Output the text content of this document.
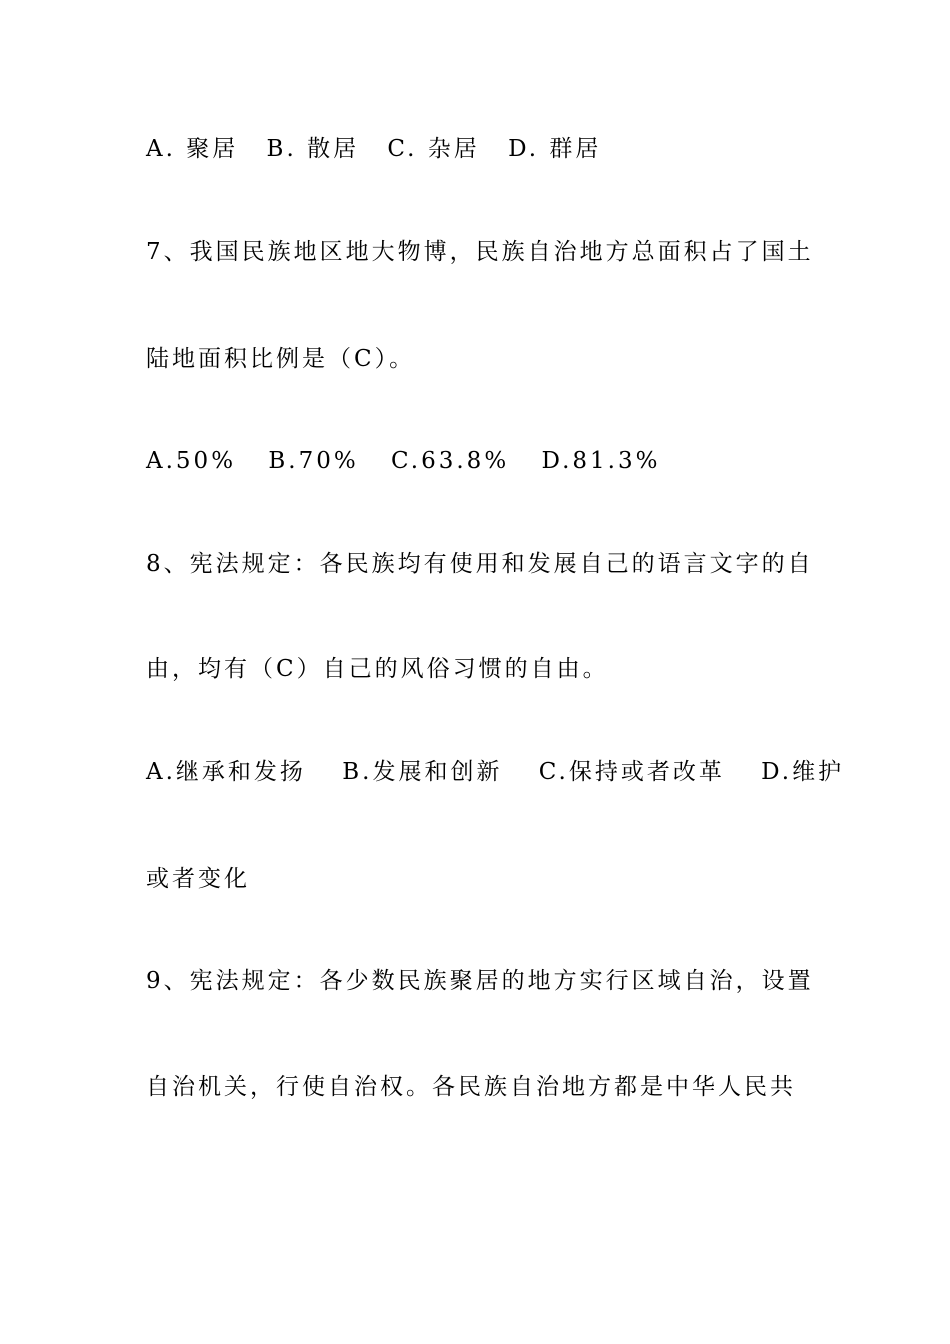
A. 聚居 B. 散居 C. 杂居 D. 群居
7、我国民族地区地大物博，民族自治地方总面积占了国土
陆地面积比例是（C）。
A.50% B.70% C.63.8% D.81.3%
8、宪法规定：各民族均有使用和发展自己的语言文字的自
由，均有（C）自己的风俗习惯的自由。
A.继承和发扬 B.发展和创新 C.保持或者改革 D.维护
或者变化
9、宪法规定：各少数民族聚居的地方实行区域自治，设置
自治机关，行使自治权。各民族自治地方都是中华人民共
